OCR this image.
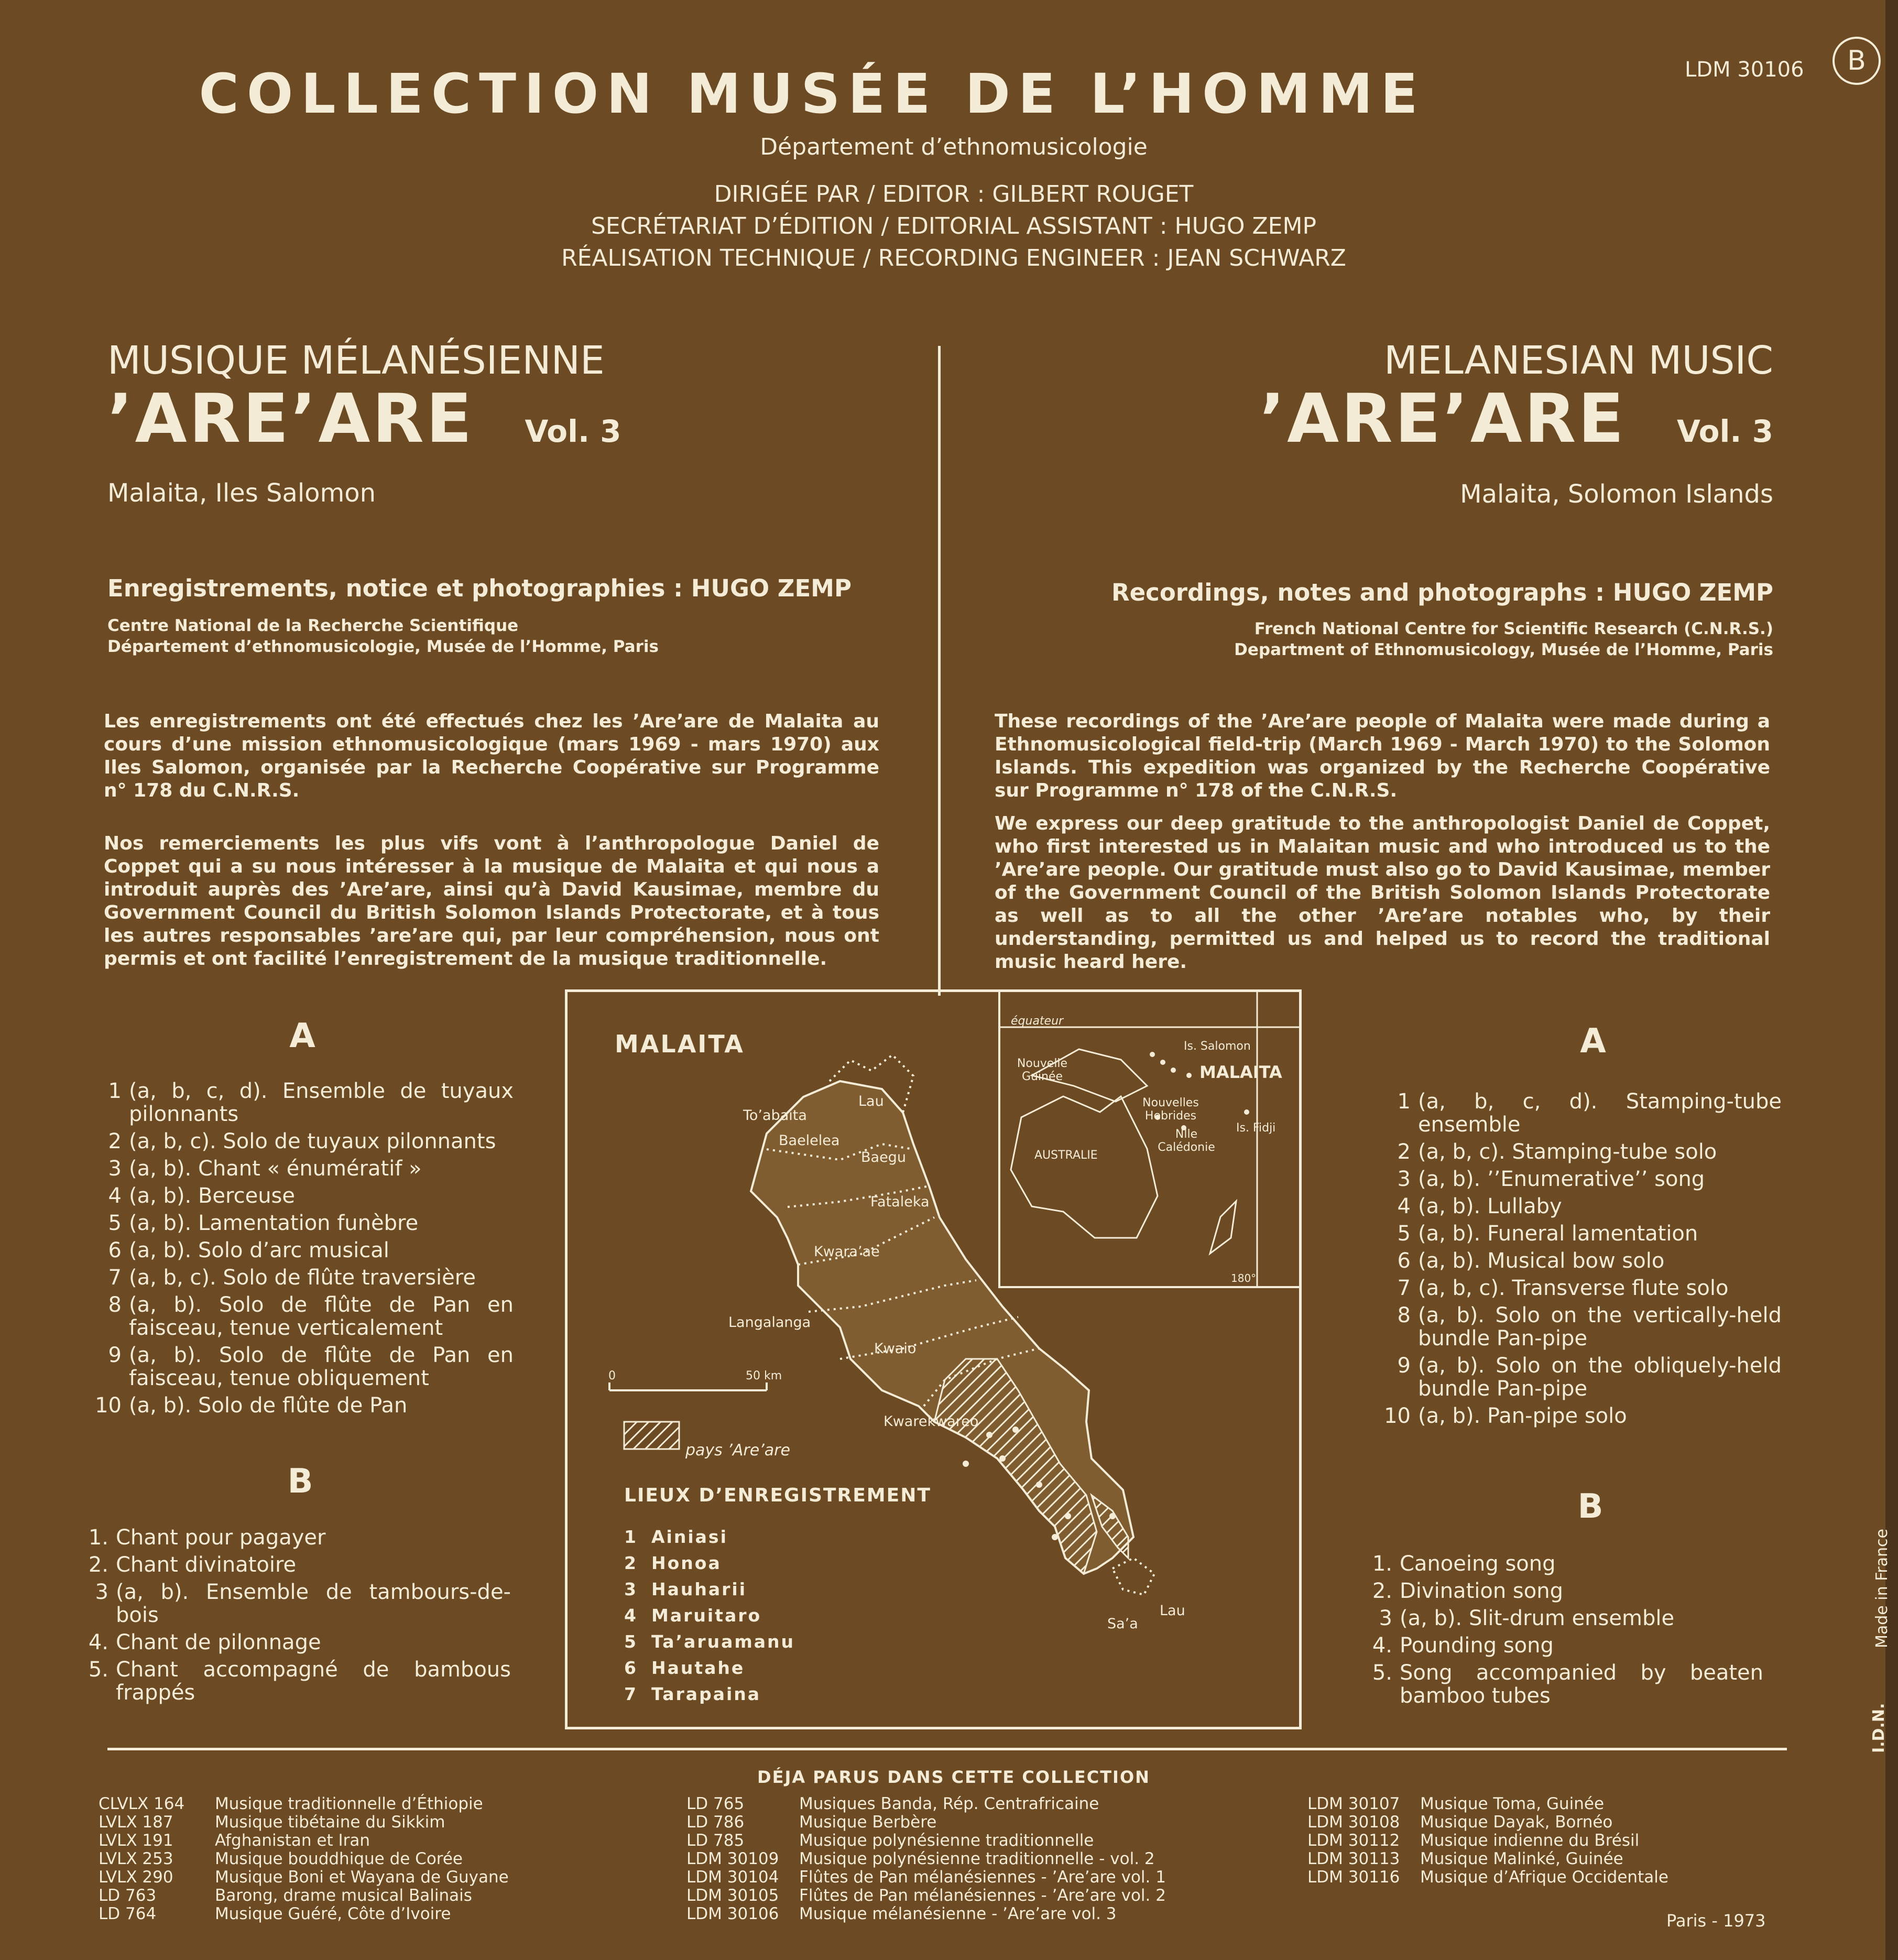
COLLECTION MUSÉE DE L’HOMME	LDM 30106	B
Département d’ethnomusicologie
DIRIGÉE PAR / EDITOR : GILBERT ROUGET
SECRÉTARIAT D’ÉDITION / EDITORIAL ASSISTANT : HUGO ZEMP
RÉALISATION TECHNIQUE / RECORDING ENGINEER : JEAN SCHWARZ
MUSIQUE MÉLANÉSIENNE
’ARE’ARE Vol. 3
Malaita, Iles Salomon
Enregistrements, notice et photographies : HUGO ZEMP
Centre National de la Recherche Scientifique
Département d’ethnomusicologie, Musée de l’Homme, Paris
MELANESIAN MUSIC
’ARE’ARE Vol. 3
Malaita, Solomon Islands
Recordings, notes and photographs : HUGO ZEMP
French National Centre for Scientific Research (C.N.R.S.)
Department of Ethnomusicology, Musée de l’Homme, Paris
Les enregistrements ont été effectués chez les ’Are’are de Malaita au cours d’une mission ethnomusicologique (mars 1969 - mars 1970) aux Iles Salomon, organisée par la Recherche Coopérative sur Programme n° 178 du C.N.R.S.
Nos remerciements les plus vifs vont à l’anthropologue Daniel de Coppet qui a su nous intéresser à la musique de Malaita et qui nous a introduit auprès des ’Are’are, ainsi qu’à David Kausimae, membre du Government Council du British Solomon Islands Protectorate, et à tous les autres responsables ’are’are qui, par leur compréhension, nous ont permis et ont facilité l’enregistrement de la musique traditionnelle.
These recordings of the ’Are’are people of Malaita were made during a Ethnomusicological field-trip (March 1969 - March 1970) to the Solomon Islands. This expedition was organized by the Recherche Coopérative sur Programme n° 178 of the C.N.R.S.
We express our deep gratitude to the anthropologist Daniel de Coppet, who first interested us in Malaitan music and who introduced us to the ’Are’are people. Our gratitude must also go to David Kausimae, member of the Government Council of the British Solomon Islands Protectorate as well as to all the other ’Are’are notables who, by their understanding, permitted us and helped us to record the traditional music heard here.
A
1 (a, b, c, d). Ensemble de tuyaux pilonnants
2 (a, b, c). Solo de tuyaux pilonnants
3 (a, b). Chant « énumératif »
4 (a, b). Berceuse
5 (a, b). Lamentation funèbre
6 (a, b). Solo d’arc musical
7 (a, b, c). Solo de flûte traversière
8 (a, b). Solo de flûte de Pan en faisceau, tenue verticalement
9 (a, b). Solo de flûte de Pan en faisceau, tenue obliquement
10 (a, b). Solo de flûte de Pan
B
1. Chant pour pagayer
2. Chant divinatoire
3 (a, b). Ensemble de tambours-de-bois
4. Chant de pilonnage
5. Chant accompagné de bambous frappés
A
1 (a, b, c, d). Stamping-tube ensemble
2 (a, b, c). Stamping-tube solo
3 (a, b). ’’Enumerative’’ song
4 (a, b). Lullaby
5 (a, b). Funeral lamentation
6 (a, b). Musical bow solo
7 (a, b, c). Transverse flute solo
8 (a, b). Solo on the vertically-held bundle Pan-pipe
9 (a, b). Solo on the obliquely-held bundle Pan-pipe
10 (a, b). Pan-pipe solo
B
1. Canoeing song
2. Divination song
3 (a, b). Slit-drum ensemble
4. Pounding song
5. Song accompanied by beaten bamboo tubes
MALAITA
To’abaita
Lau
Baelelea
Baegu
Fataleka
Kwara’ae
Langalanga
Kwaio
Kwarekwareo
Sa’a
Lau
0	50 km
pays ’Are’are
LIEUX D’ENREGISTREMENT
1 Ainiasi
2 Honoa
3 Hauharii
4 Maruitaro
5 Ta’aruamanu
6 Hautahe
7 Tarapaina
équateur
Is. Salomon
Nouvelle Guinée	MALAITA
Nouvelles Hebrides
Is. Fidji
Nlle Calédonie
AUSTRALIE
180°
DÉJA PARUS DANS CETTE COLLECTION
CLVLX 164 Musique traditionnelle d’Éthiopie
LVLX 187	Musique tibétaine du Sikkim
LVLX 191	Afghanistan et Iran
LVLX 253	Musique bouddhique de Corée
LVLX 290	Musique Boni et Wayana de Guyane
LD 763	Barong, drame musical Balinais
LD 764	Musique Guéré, Côte d’Ivoire
LD 765	Musiques Banda, Rép. Centrafricaine
LD 786	Musique Berbère
LD 785	Musique polynésienne traditionnelle
LDM 30109 Musique polynésienne traditionnelle - vol. 2
LDM 30104 Flûtes de Pan mélanésiennes - ’Are’are vol. 1
LDM 30105 Flûtes de Pan mélanésiennes - ’Are’are vol. 2
LDM 30106 Musique mélanésienne - ’Are’are vol. 3
LDM 30107 Musique Toma, Guinée
LDM 30108 Musique Dayak, Bornéo
LDM 30112 Musique indienne du Brésil
LDM 30113 Musique Malinké, Guinée
LDM 30116 Musique d’Afrique Occidentale
Paris - 1973
Made in France
I.D.N.
